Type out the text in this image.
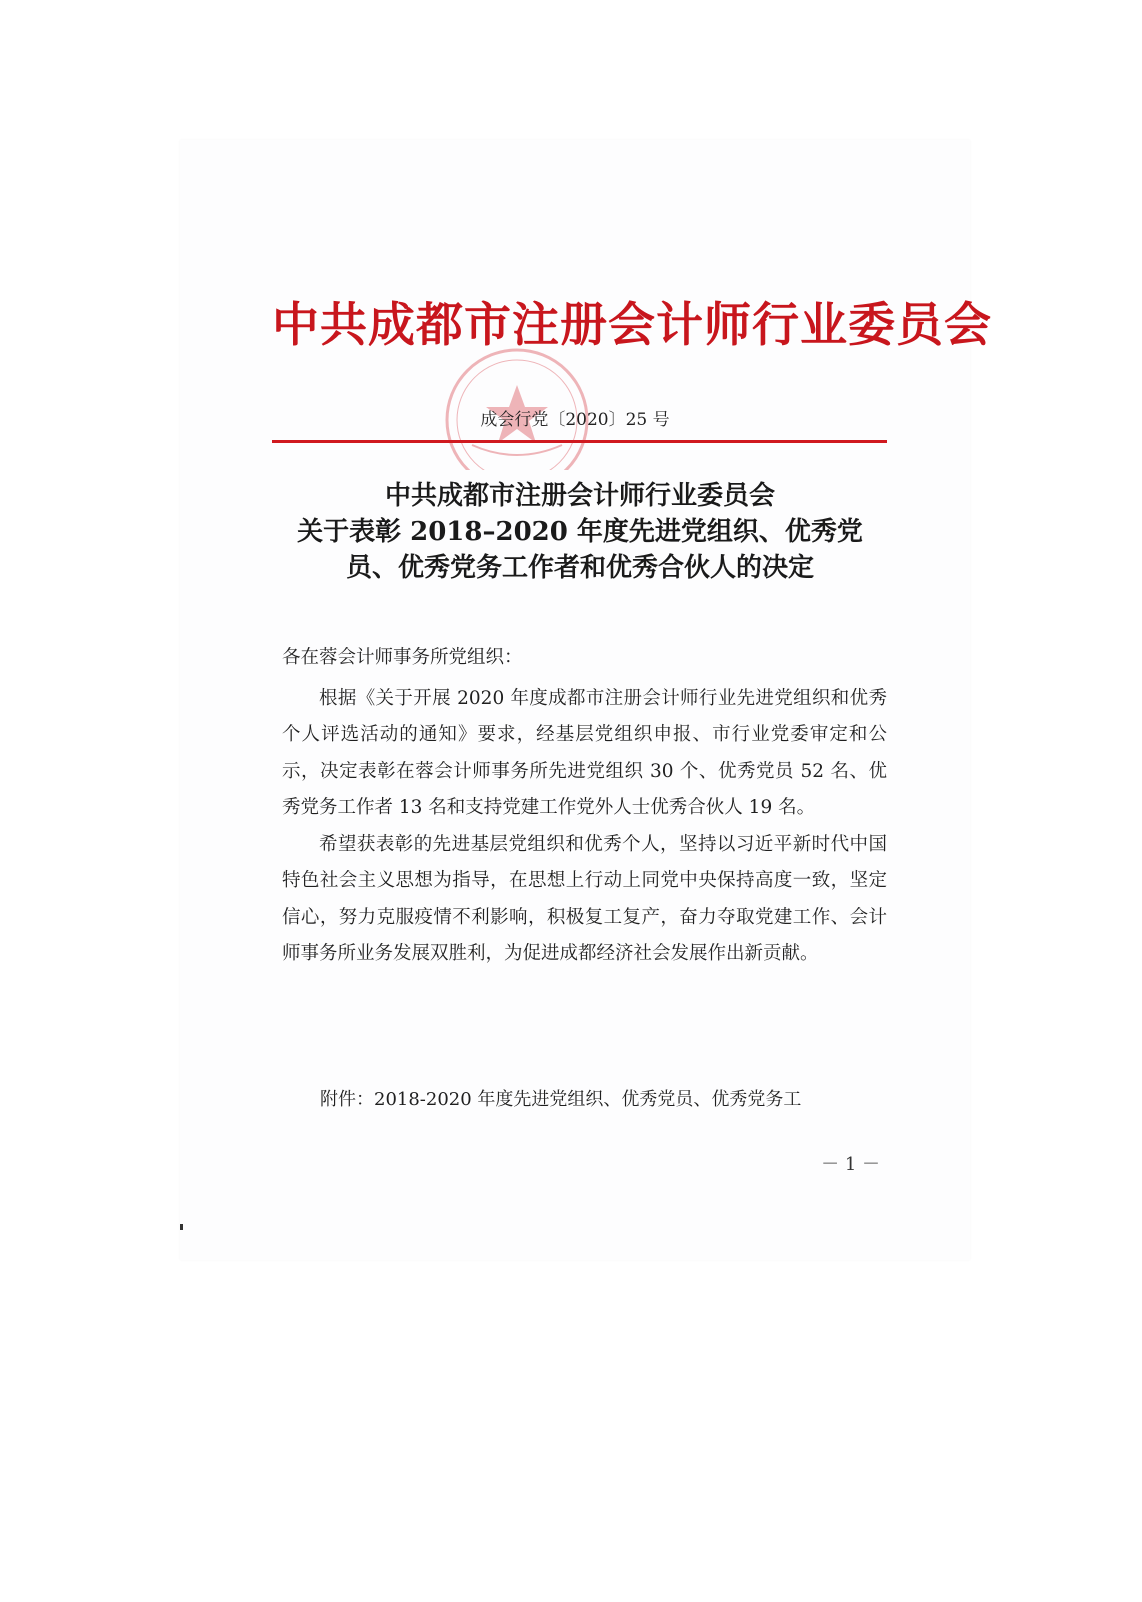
中共成都市注册会计师行业委员会
成会行党〔2020〕25 号
中共成都市注册会计师行业委员会
关于表彰 2018–2020 年度先进党组织、优秀党
员、优秀党务工作者和优秀合伙人的决定

各在蓉会计师事务所党组织：

根据《关于开展 2020 年度成都市注册会计师行业先进党组织和优秀个人评选活动的通知》要求，经基层党组织申报、市行业党委审定和公示，决定表彰在蓉会计师事务所先进党组织 30 个、优秀党员 52 名、优秀党务工作者 13 名和支持党建工作党外人士优秀合伙人 19 名。

希望获表彰的先进基层党组织和优秀个人，坚持以习近平新时代中国特色社会主义思想为指导，在思想上行动上同党中央保持高度一致，坚定信心，努力克服疫情不利影响，积极复工复产，奋力夺取党建工作、会计师事务所业务发展双胜利，为促进成都经济社会发展作出新贡献。

附件：2018-2020 年度先进党组织、优秀党员、优秀党务工
－ 1 －
